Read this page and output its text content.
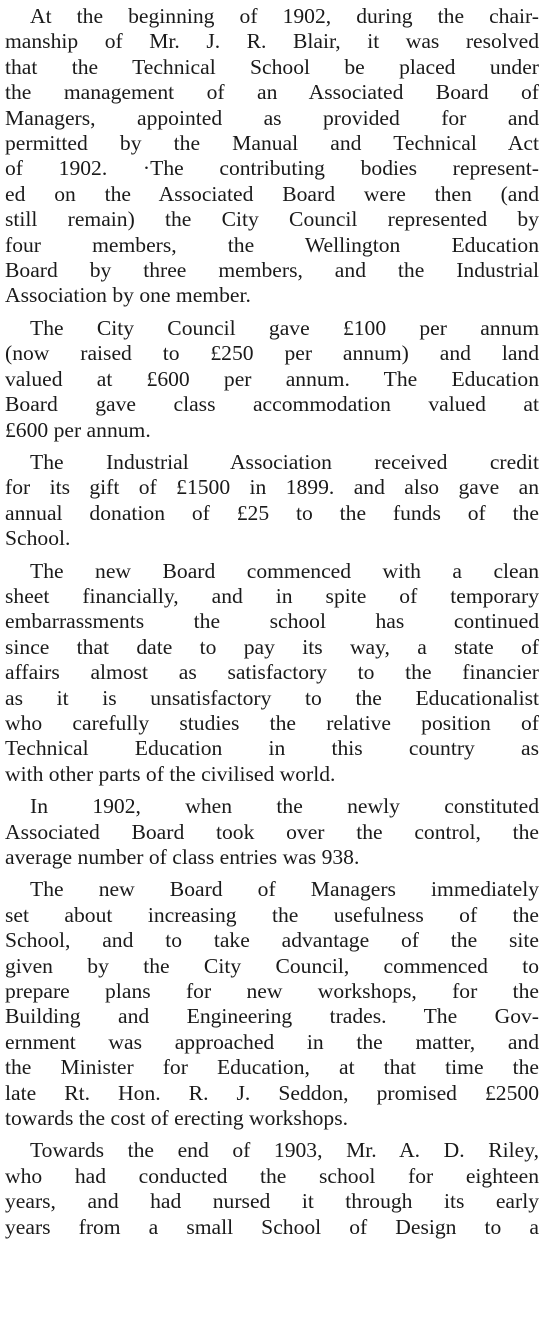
At the beginning of 1902, during the chair-
manship of Mr. J. R. Blair, it was resolved
that the Technical School be placed under
the management of an Associated Board of
Managers, appointed as provided for and
permitted by the Manual and Technical Act
of 1902. ·The contributing bodies represent-
ed on the Associated Board were then (and
still remain) the City Council represented by
four members, the Wellington Education
Board by three members, and the Industrial
Association by one member.
The City Council gave £100 per annum
(now raised to £250 per annum) and land
valued at £600 per annum. The Education
Board gave class accommodation valued at
£600 per annum.
The Industrial Association received credit
for its gift of £1500 in 1899. and also gave an
annual donation of £25 to the funds of the
School.
The new Board commenced with a clean
sheet financially, and in spite of temporary
embarrassments the school has continued
since that date to pay its way, a state of
affairs almost as satisfactory to the financier
as it is unsatisfactory to the Educationalist
who carefully studies the relative position of
Technical Education in this country as
with other parts of the civilised world.
In 1902, when the newly constituted
Associated Board took over the control, the
average number of class entries was 938.
The new Board of Managers immediately
set about increasing the usefulness of the
School, and to take advantage of the site
given by the City Council, commenced to
prepare plans for new workshops, for the
Building and Engineering trades. The Gov-
ernment was approached in the matter, and
the Minister for Education, at that time the
late Rt. Hon. R. J. Seddon, promised £2500
towards the cost of erecting workshops.
Towards the end of 1903, Mr. A. D. Riley,
who had conducted the school for eighteen
years, and had nursed it through its early
years from a small School of Design to a
